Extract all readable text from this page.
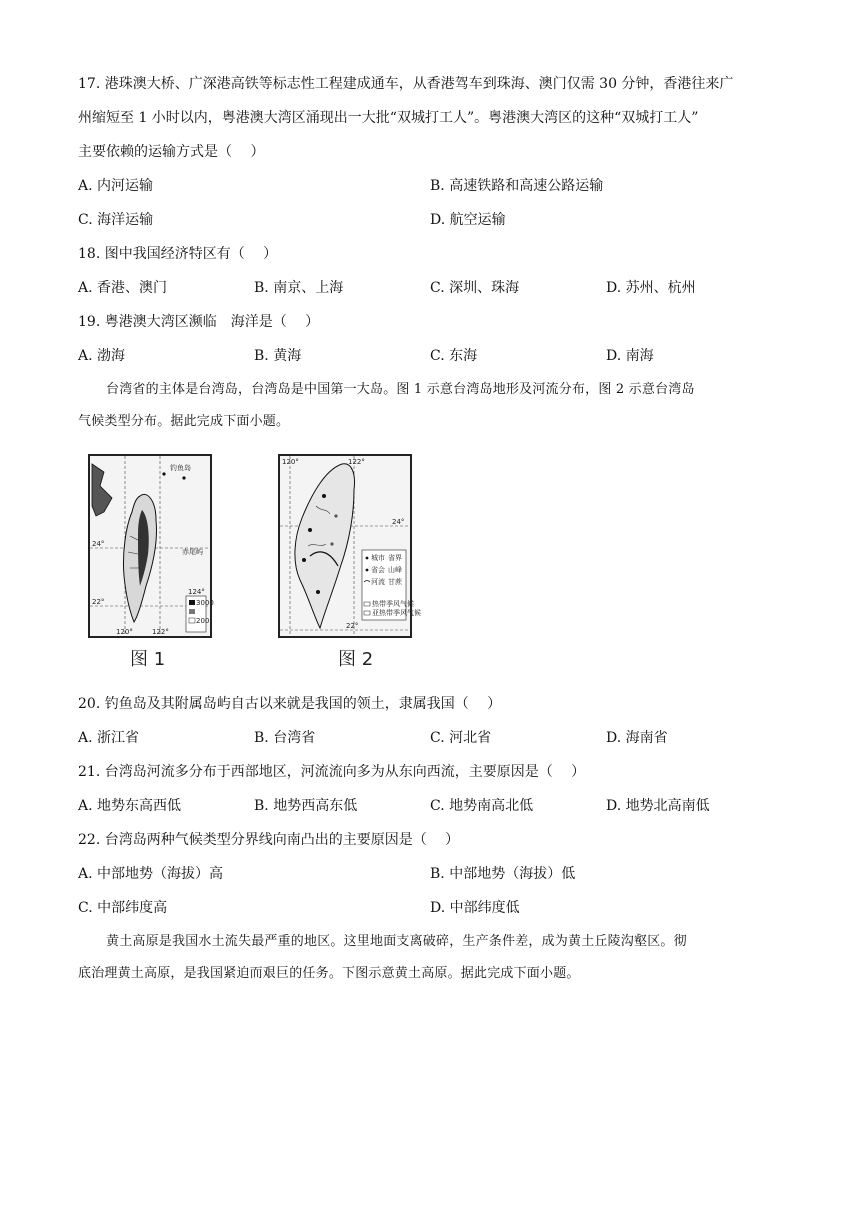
17. 港珠澳大桥、广深港高铁等标志性工程建成通车，从香港驾车到珠海、澳门仅需 30 分钟，香港往来广
州缩短至 1 小时以内，粤港澳大湾区涌现出一大批“双城打工人”。粤港澳大湾区的这种“双城打工人”
主要依赖的运输方式是（　 ）
A. 内河运输	B. 高速铁路和高速公路运输
C. 海洋运输	D. 航空运输
18. 图中我国经济特区有（　 ）
A. 香港、澳门	B. 南京、上海	C. 深圳、珠海	D. 苏州、杭州
19. 粤港澳大湾区濒临　海洋是（　 ）
A. 渤海	B. 黄海	C. 东海	D. 南海
台湾省的主体是台湾岛，台湾岛是中国第一大岛。图 1 示意台湾岛地形及河流分布，图 2 示意台湾岛
气候类型分布。据此完成下面小题。
钓鱼岛
赤尾屿
24°
22°
120°	122°
124°
3000
200
图 1
120°	122°
24°
22°
城市 省界
省会 山峰
河流 甘蔗
热带季风气候
亚热带季风气候
图 2
20. 钓鱼岛及其附属岛屿自古以来就是我国的领土，隶属我国（　 ）
A. 浙江省	B. 台湾省	C. 河北省	D. 海南省
21. 台湾岛河流多分布于西部地区，河流流向多为从东向西流，主要原因是（　 ）
A. 地势东高西低	B. 地势西高东低	C. 地势南高北低	D. 地势北高南低
22. 台湾岛两种气候类型分界线向南凸出的主要原因是（　 ）
A. 中部地势（海拔）高	B. 中部地势（海拔）低
C. 中部纬度高	D. 中部纬度低
黄土高原是我国水土流失最严重的地区。这里地面支离破碎，生产条件差，成为黄土丘陵沟壑区。彻
底治理黄土高原，是我国紧迫而艰巨的任务。下图示意黄土高原。据此完成下面小题。
